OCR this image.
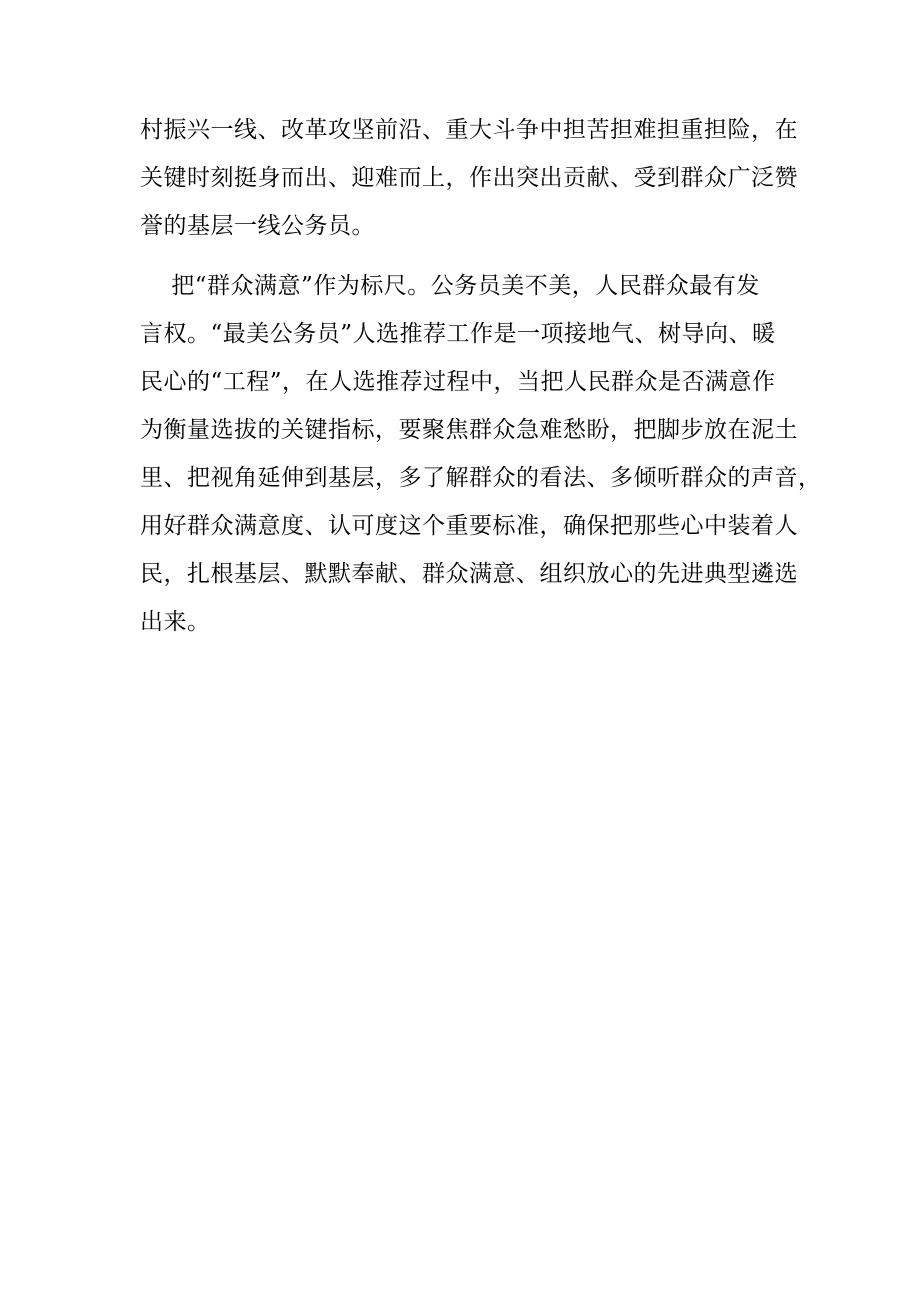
村振兴一线、改革攻坚前沿、重大斗争中担苦担难担重担险，在
关键时刻挺身而出、迎难而上，作出突出贡献、受到群众广泛赞
誉的基层一线公务员。
把“群众满意”作为标尺。公务员美不美，人民群众最有发
言权。“最美公务员”人选推荐工作是一项接地气、树导向、暖
民心的“工程”，在人选推荐过程中，当把人民群众是否满意作
为衡量选拔的关键指标，要聚焦群众急难愁盼，把脚步放在泥土
里、把视角延伸到基层，多了解群众的看法、多倾听群众的声音，
用好群众满意度、认可度这个重要标准，确保把那些心中装着人
民，扎根基层、默默奉献、群众满意、组织放心的先进典型遴选
出来。
